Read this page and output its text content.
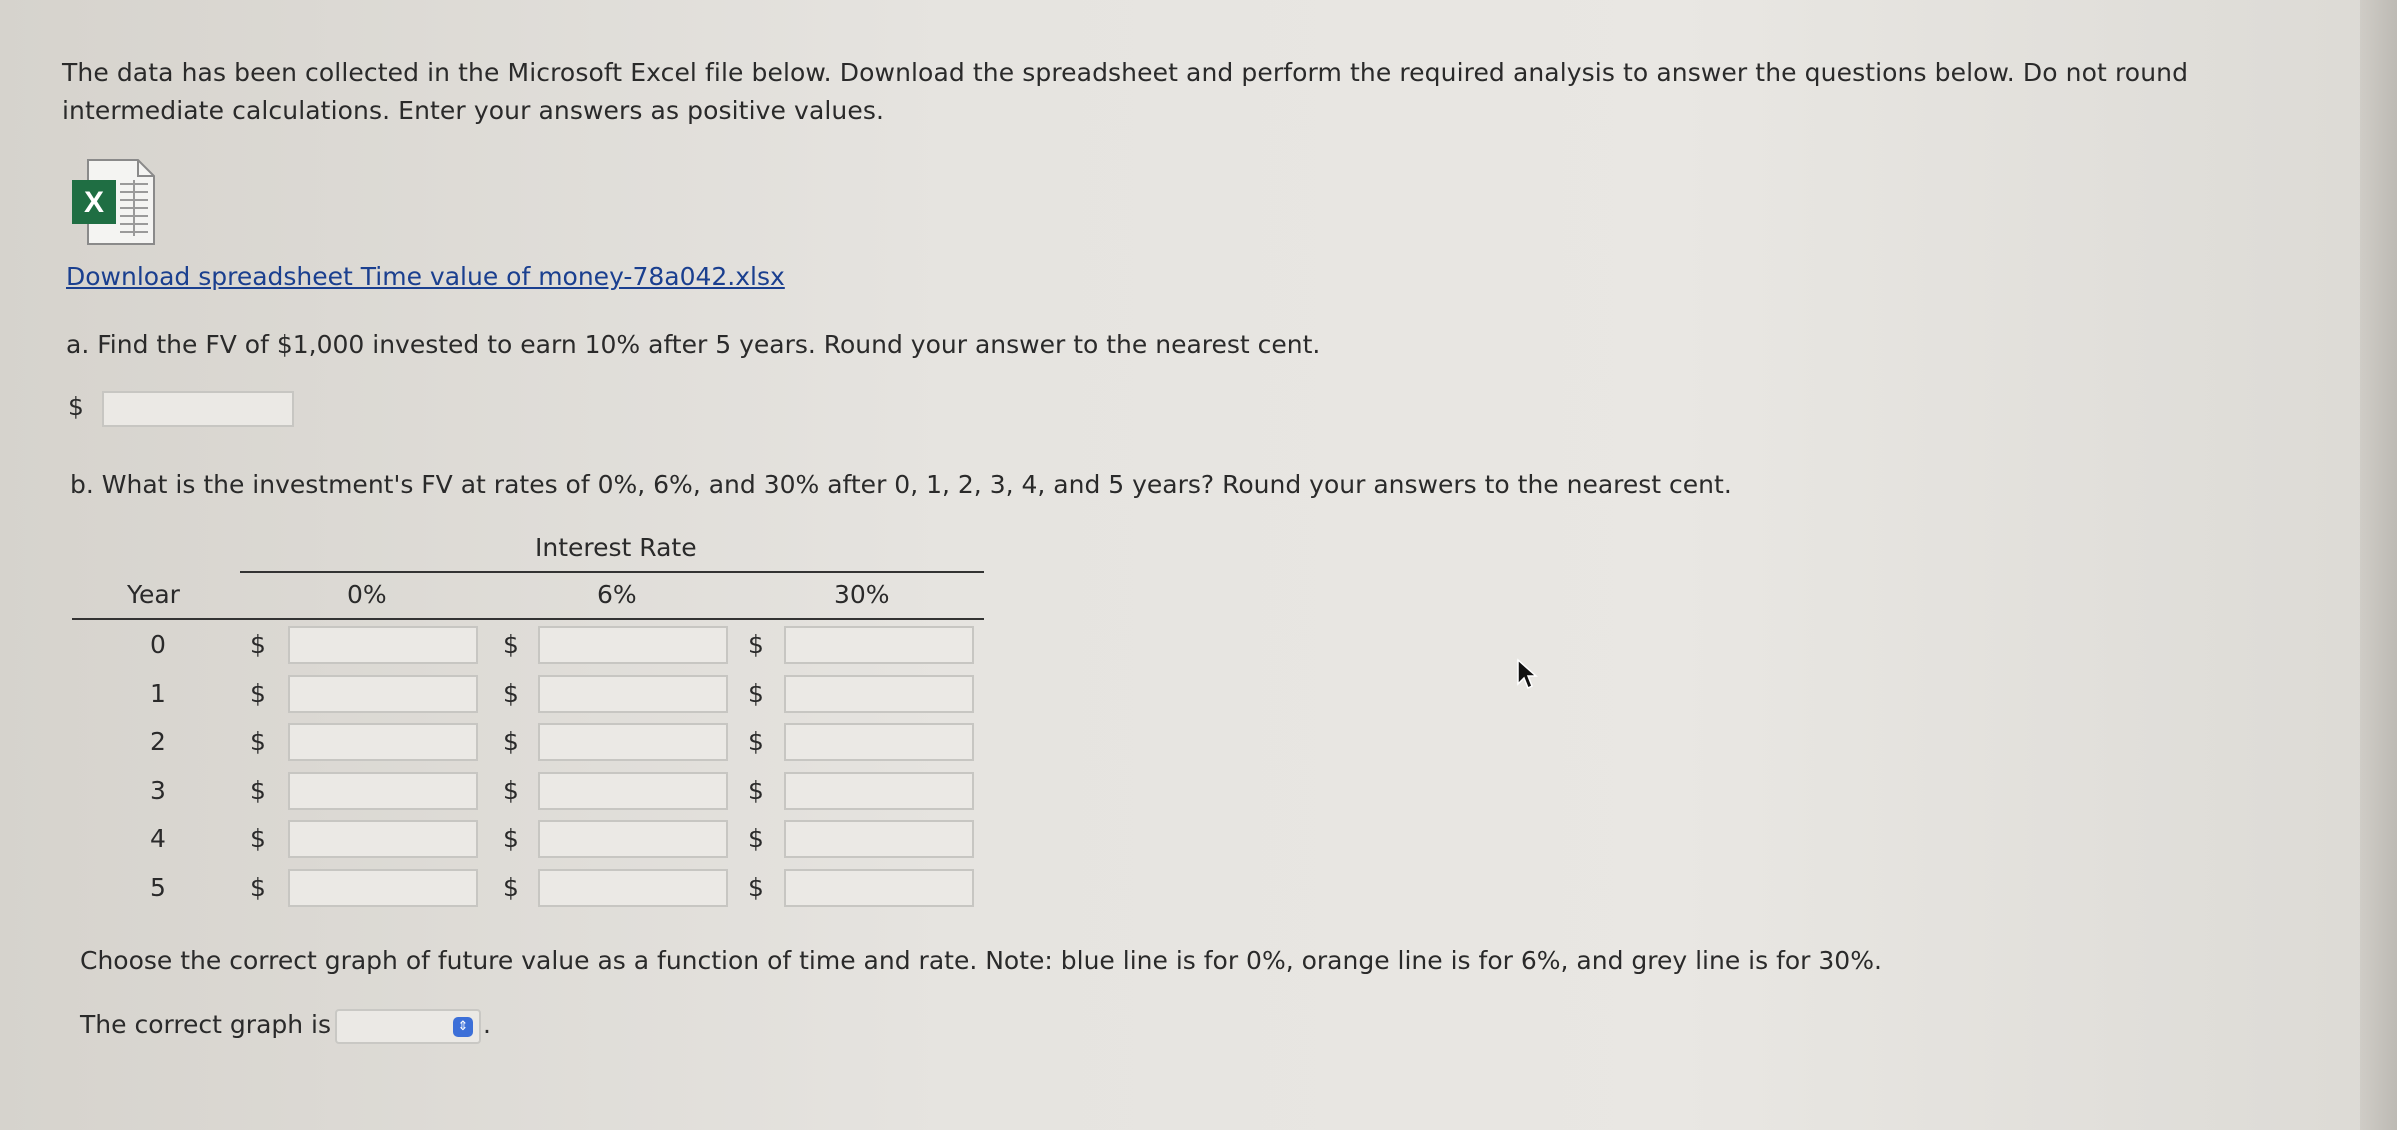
The data has been collected in the Microsoft Excel file below. Download the spreadsheet and perform the required analysis to answer the questions below. Do not round intermediate calculations. Enter your answers as positive values.
X
Download spreadsheet Time value of money-78a042.xlsx
a. Find the FV of $1,000 invested to earn 10% after 5 years. Round your answer to the nearest cent.
$
b. What is the investment's FV at rates of 0%, 6%, and 30% after 0, 1, 2, 3, 4, and 5 years? Round your answers to the nearest cent.
Interest Rate
Year	0%	6%	30%
0	$	$	$
1	$	$	$
2	$	$	$
3	$	$	$
4	$	$	$
5	$	$	$
Choose the correct graph of future value as a function of time and rate. Note: blue line is for 0%, orange line is for 6%, and grey line is for 30%.
The correct graph is	⇕ .
